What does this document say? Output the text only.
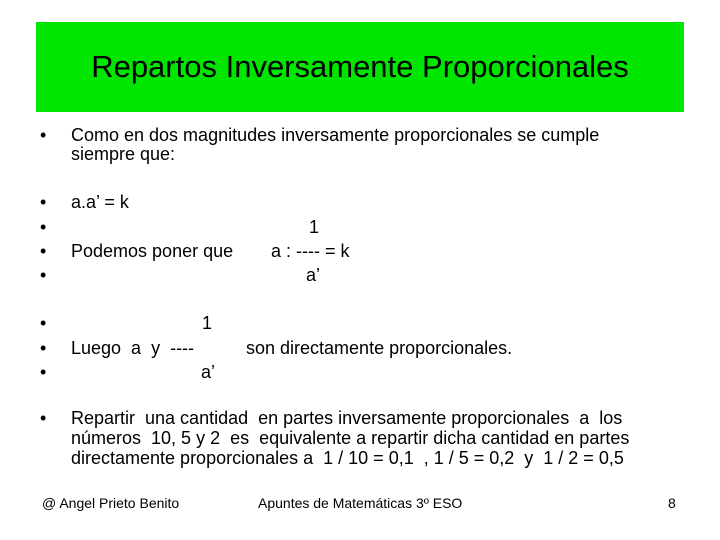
Repartos Inversamente Proporcionales
• Como en dos magnitudes inversamente proporcionales se cumple
siempre que:
• a.a’ = k
•	1
• Podemos poner que a : ---- = k
•	a’
•	1
• Luego  a  y  ----	son directamente proporcionales.
•	a’
• Repartir  una cantidad  en partes inversamente proporcionales  a  los
números  10, 5 y 2  es  equivalente a repartir dicha cantidad en partes
directamente proporcionales a  1 / 10 = 0,1  , 1 / 5 = 0,2  y  1 / 2 = 0,5
@ Angel Prieto Benito	Apuntes de Matemáticas 3º ESO	8
